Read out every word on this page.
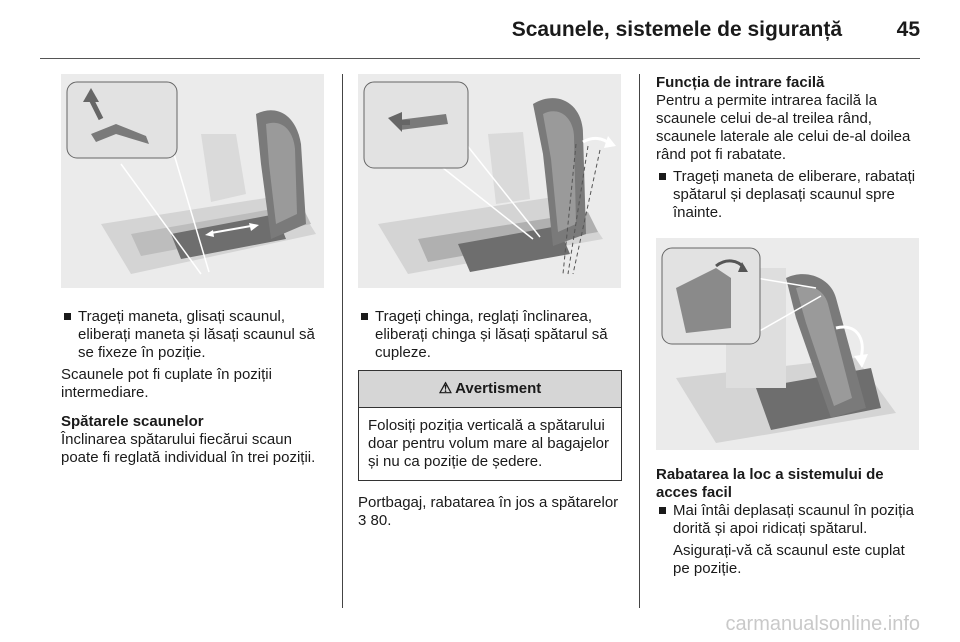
Scaunele, sistemele de siguranță	45

Trageți maneta, glisați scaunul, eliberați maneta și lăsați scaunul să se fixeze în poziție.

Scaunele pot fi cuplate în poziții intermediare.

Spătarele scaunelor

Înclinarea spătarului fiecărui scaun poate fi reglată individual în trei poziții.

Trageți chinga, reglați înclinarea, eliberați chinga și lăsați spătarul să cupleze.

⚠ Avertisment

Folosiți poziția verticală a spătarului doar pentru volum mare al bagajelor și nu ca poziție de ședere.

Portbagaj, rabatarea în jos a spătarelor 3 80.

Funcția de intrare facilă

Pentru a permite intrarea facilă la scaunele celui de-al treilea rând, scaunele laterale ale celui de-al doilea rând pot fi rabatate.

Trageți maneta de eliberare, rabatați spătarul și deplasați scaunul spre înainte.

Rabatarea la loc a sistemului de acces facil

Mai întâi deplasați scaunul în poziția dorită și apoi ridicați spătarul.

Asigurați-vă că scaunul este cuplat pe poziție.

carmanualsonline.info
